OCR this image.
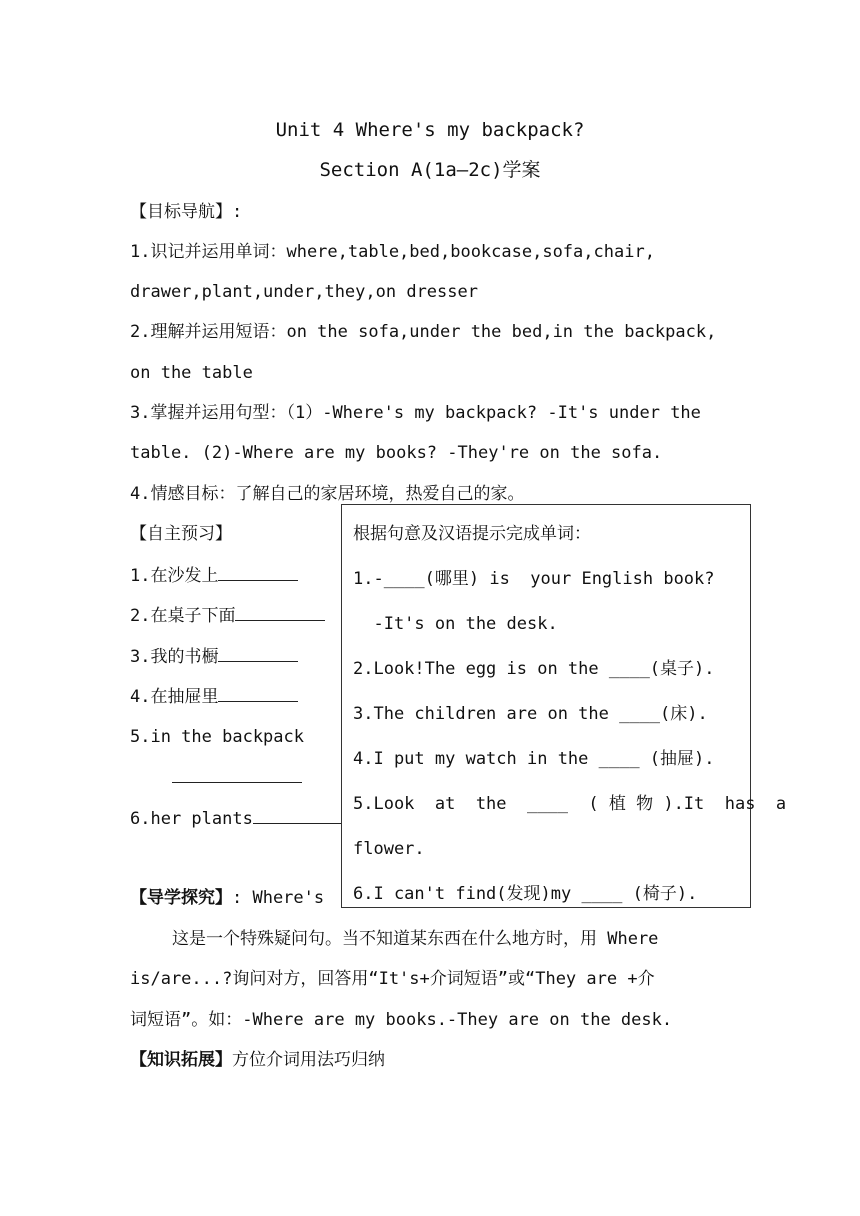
Unit 4 Where's my backpack?
Section A(1a—2c)学案
【目标导航】:
1.识记并运用单词：where,table,bed,bookcase,sofa,chair,
drawer,plant,under,they,on dresser
2.理解并运用短语：on the sofa,under the bed,in the backpack,
on the table
3.掌握并运用句型：（1）-Where's my backpack? -It's under the
table. (2)-Where are my books? -They're on the sofa.
4.情感目标：了解自己的家居环境，热爱自己的家。
【自主预习】
1.在沙发上
2.在桌子下面
3.我的书橱
4.在抽屉里
5.in the backpack
6.her plants
【导学探究】: Where's
这是一个特殊疑问句。当不知道某东西在什么地方时，用 Where
is/are...?询问对方，回答用“It's+介词短语”或“They are +介
词短语”。如：-Where are my books.-They are on the desk.
【知识拓展】方位介词用法巧归纳
根据句意及汉语提示完成单词：
1.-____(哪里) is  your English book?
-It's on the desk.
2.Look!The egg is on the ____(桌子).
3.The children are on the ____(床).
4.I put my watch in the ____ (抽屉).
5.Look  at  the  ____  ( 植 物 ).It  has  a
flower.
6.I can't find(发现)my ____ (椅子).
